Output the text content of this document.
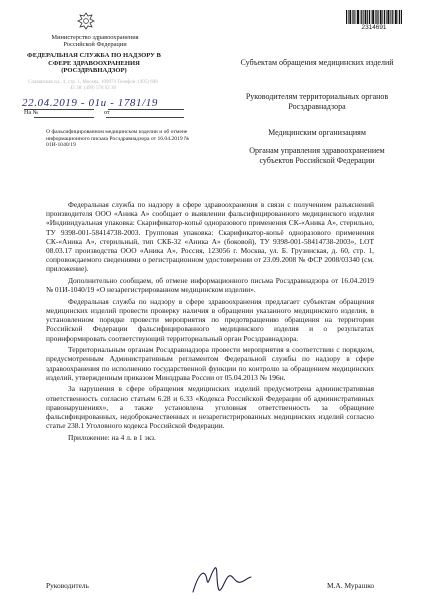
Министерство здравоохранения Российской Федерации
ФЕДЕРАЛЬНАЯ СЛУЖБА ПО НАДЗОРУ В СФЕРЕ ЗДРАВООХРАНЕНИЯ (РОСЗДРАВНАДЗОР)
Славянская пл., 4, стр. 1, Москва, 109074 Телефон: (495) 698 45 38; (499) 578 02 30
22.04.2019 - 01и - 1781/19
На №	от
О фальсифицированном медицинском изделии и об отмене информационного письма Росздравнадзора от 16.04.2019 № 01И-1040/19
2314691
Субъектам обращения медицинских изделий
Руководителям территориальных органов Росздравнадзора
Медицинским организациям
Органам управления здравоохранением субъектов Российской Федерации

Федеральная служба по надзору в сфере здравоохранения в связи с получением разъяснений производителя ООО «Аника А» сообщает о выявлении фальсифицированного медицинского изделия «Индивидуальная упаковка: Скарификатор-копьё одноразового применения СК-«Аника А», стерильно, ТУ 9398-001-58414738-2003. Групповая упаковка: Скарификатор-копьё одноразового применения СК-«Аника А», стерильный, тип СКБ-32 «Аника А» (боковой), ТУ 9398-001-58414738-2003», LOT 08.03.17 производства ООО «Аника А», Россия, 123056 г. Москва, ул. Б. Грузинская, д. 60, стр. 1, сопровождаемого сведениями о регистрационном удостоверении от 23.09.2008 № ФСР 2008/03340 (см. приложение).

Дополнительно сообщаем, об отмене информационного письма Росздравнадзора от 16.04.2019 № 01И-1040/19 «О незарегистрированном медицинском изделии».

Федеральная служба по надзору в сфере здравоохранения предлагает субъектам обращения медицинских изделий провести проверку наличия в обращении указанного медицинского изделия, в установленном порядке провести мероприятия по предотвращению обращения на территории Российской Федерации фальсифицированного медицинского изделия и о результатах проинформировать соответствующий территориальный орган Росздравнадзора.

Территориальным органам Росздравнадзора провести мероприятия в соответствии с порядком, предусмотренным Административным регламентом Федеральной службы по надзору в сфере здравоохранения по исполнению государственной функции по контролю за обращением медицинских изделий, утвержденным приказом Минздрава России от 05.04.2013 № 196н.

За нарушения в сфере обращения медицинских изделий предусмотрена административная ответственность согласно статьям 6.28 и 6.33 «Кодекса Российской Федерации об административных правонарушениях», а также установлена уголовная ответственность за обращение фальсифицированных, недоброкачественных и незарегистрированных медицинских изделий согласно статье 238.1 Уголовного кодекса Российской Федерации.

Приложение: на 4 л. в 1 экз.

Руководитель	М.А. Мурашко
